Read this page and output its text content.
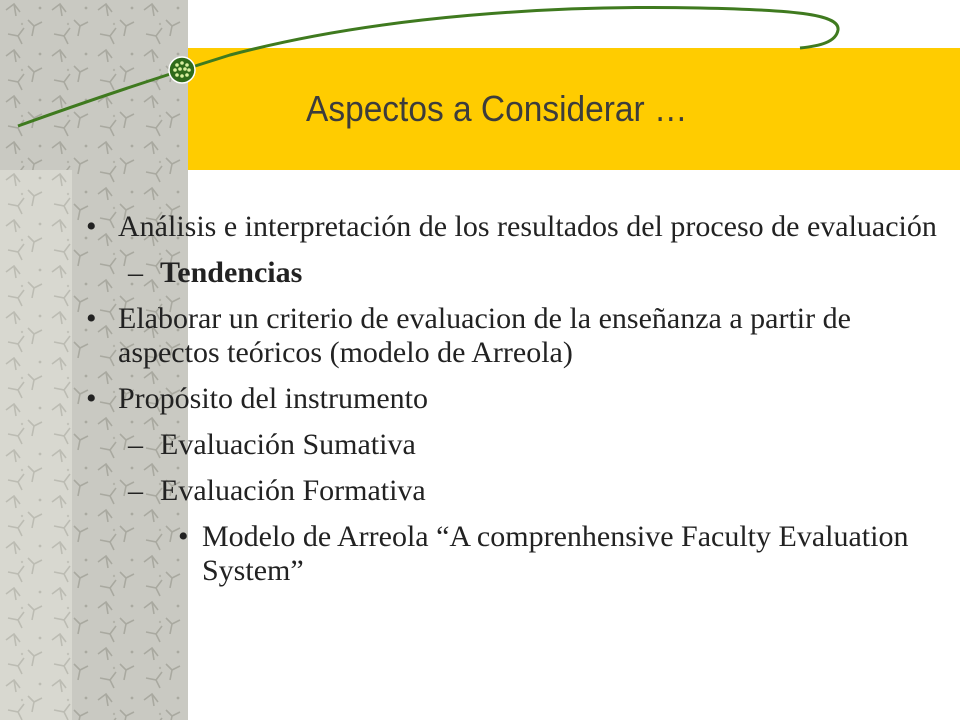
Aspectos a Considerar …
• Análisis e interpretación de los resultados del proceso de evaluación
– Tendencias
• Elaborar un criterio de evaluacion de la enseñanza a partir de aspectos teóricos (modelo de Arreola)
• Propósito del instrumento
– Evaluación Sumativa
– Evaluación Formativa
• Modelo de Arreola “A comprenhensive Faculty Evaluation System”
